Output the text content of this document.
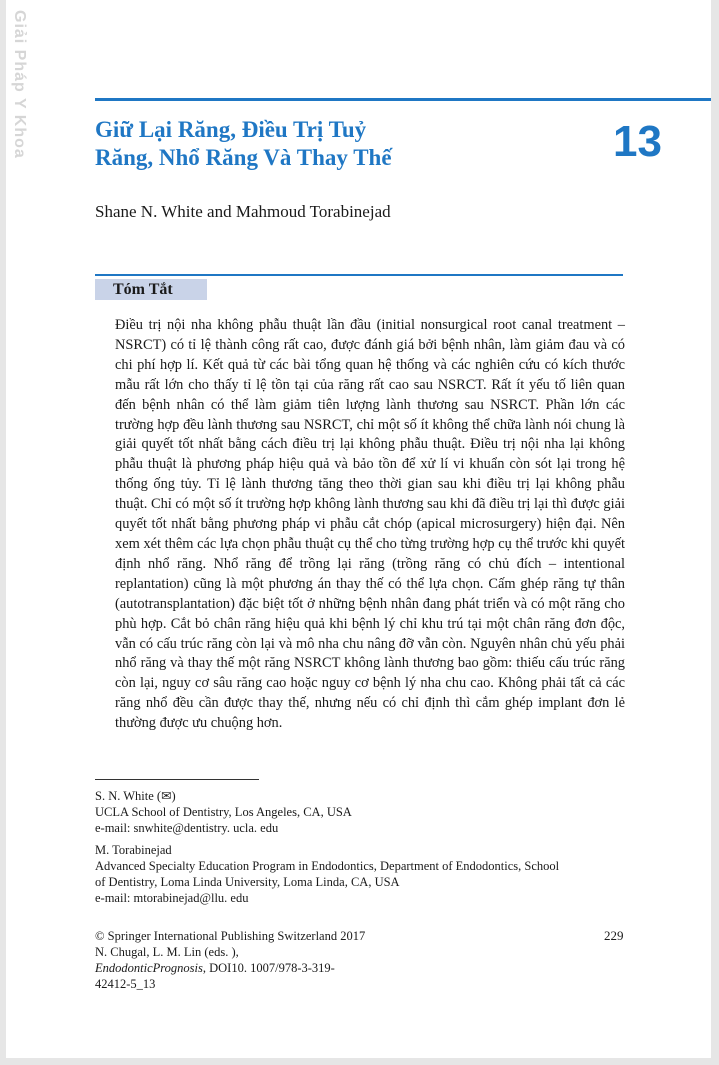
Giải Pháp Y Khoa	Giữ Lại Răng, Điều Trị Tuỷ
Răng, Nhổ Răng Và Thay Thế	13
Shane N. White and Mahmoud Torabinejad
Tóm Tắt

Điều trị nội nha không phẫu thuật lần đầu (initial nonsurgical root canal treatment – NSRCT) có tỉ lệ thành công rất cao, được đánh giá bởi bệnh nhân, làm giảm đau và có chi phí hợp lí. Kết quả từ các bài tổng quan hệ thống và các nghiên cứu có kích thước mẫu rất lớn cho thấy tỉ lệ tồn tại của răng rất cao sau NSRCT. Rất ít yếu tố liên quan đến bệnh nhân có thể làm giảm tiên lượng lành thương sau NSRCT. Phần lớn các trường hợp đều lành thương sau NSRCT, chỉ một số ít không thể chữa lành nói chung là giải quyết tốt nhất bằng cách điều trị lại không phẫu thuật. Điều trị nội nha lại không phẫu thuật là phương pháp hiệu quả và bảo tồn để xử lí vi khuẩn còn sót lại trong hệ thống ống tủy. Tỉ lệ lành thương tăng theo thời gian sau khi điều trị lại không phẫu thuật. Chỉ có một số ít trường hợp không lành thương sau khi đã điều trị lại thì được giải quyết tốt nhất bằng phương pháp vi phẫu cắt chóp (apical microsurgery) hiện đại. Nên xem xét thêm các lựa chọn phẫu thuật cụ thể cho từng trường hợp cụ thể trước khi quyết định nhổ răng. Nhổ răng để trồng lại răng (trồng răng có chủ đích – intentional replantation) cũng là một phương án thay thế có thể lựa chọn. Cấm ghép răng tự thân (autotransplantation) đặc biệt tốt ở những bệnh nhân đang phát triển và có một răng cho phù hợp. Cắt bỏ chân răng hiệu quả khi bệnh lý chỉ khu trú tại một chân răng đơn độc, vẫn có cấu trúc răng còn lại và mô nha chu nâng đỡ vẫn còn. Nguyên nhân chủ yếu phải nhổ răng và thay thế một răng NSRCT không lành thương bao gồm: thiếu cấu trúc răng còn lại, nguy cơ sâu răng cao hoặc nguy cơ bệnh lý nha chu cao. Không phải tất cả các răng nhổ đều cần được thay thế, nhưng nếu có chỉ định thì cắm ghép implant đơn lẻ thường được ưu chuộng hơn.

S. N. White (✉)
UCLA School of Dentistry, Los Angeles, CA, USA
e-mail: snwhite@dentistry. ucla. edu
M. Torabinejad
Advanced Specialty Education Program in Endodontics, Department of Endodontics, School
of Dentistry, Loma Linda University, Loma Linda, CA, USA
e-mail: mtorabinejad@llu. edu
© Springer International Publishing Switzerland 2017
N. Chugal, L. M. Lin (eds. ),
EndodonticPrognosis, DOI10. 1007/978-3-319-
42412-5_13
229
